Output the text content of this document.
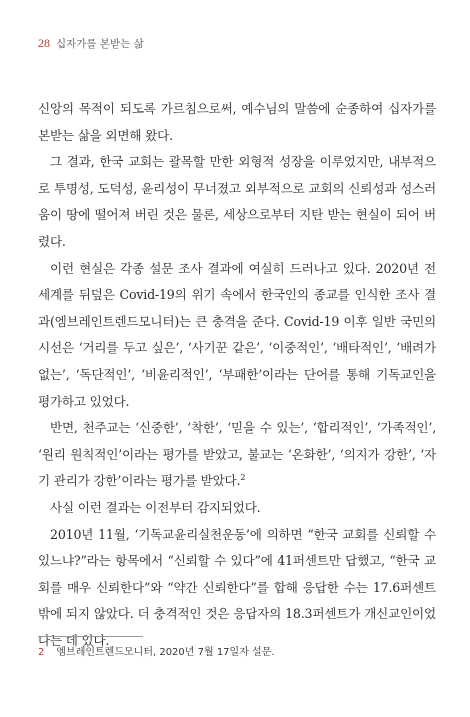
28 십자가를 본받는 삶

신앙의 목적이 되도록 가르침으로써, 예수님의 말씀에 순종하여 십자가를 본받는 삶을 외면해 왔다.

그 결과, 한국 교회는 괄목할 만한 외형적 성장을 이루었지만, 내부적으로 투명성, 도덕성, 윤리성이 무너졌고 외부적으로 교회의 신뢰성과 성스러움이 땅에 떨어져 버린 것은 물론, 세상으로부터 지탄 받는 현실이 되어 버렸다.

이런 현실은 각종 설문 조사 결과에 여실히 드러나고 있다. 2020년 전 세계를 뒤덮은 Covid-19의 위기 속에서 한국인의 종교를 인식한 조사 결과(엠브레인트렌드모니터)는 큰 충격을 준다. Covid-19 이후 일반 국민의 시선은 ‘거리를 두고 싶은’, ‘사기꾼 같은’, ‘이중적인’, ‘배타적인’, ‘배려가 없는’, ‘독단적인’, ‘비윤리적인’, ‘부패한’이라는 단어를 통해 기독교인을 평가하고 있었다.

반면, 천주교는 ‘신중한’, ‘착한’, ‘믿을 수 있는’, ‘합리적인’, ‘가족적인’, ‘원리 원칙적인’이라는 평가를 받았고, 불교는 ‘온화한’, ‘의지가 강한’, ‘자기 관리가 강한’이라는 평가를 받았다.$^2$

사실 이런 결과는 이전부터 감지되었다.

2010년 11월, ‘기독교윤리실천운동’에 의하면 “한국 교회를 신뢰할 수 있느냐?”라는 항목에서 “신뢰할 수 있다”에 41퍼센트만 답했고, “한국 교회를 매우 신뢰한다”와 “약간 신뢰한다”를 합해 응답한 수는 17.6퍼센트밖에 되지 않았다. 더 충격적인 것은 응답자의 18.3퍼센트가 개신교인이었다는 데 있다.

2 엠브레인트렌드모니터, 2020년 7월 17일자 설문.
